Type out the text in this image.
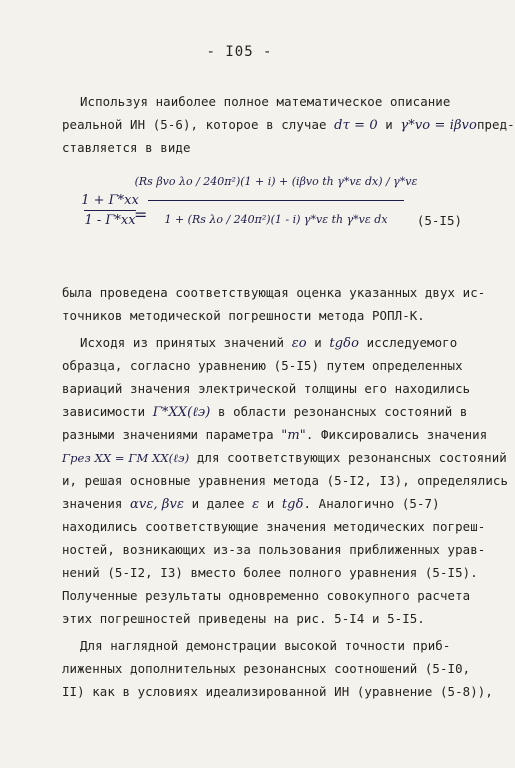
- I05 -
Используя наиболее полное математическое описание
реальной ИН (5-6), которое в случае dτ = 0 и γ*vo = iβvoпред-
ставляется в виде
1 + Γ*xx
1 - Γ*xx
=
(Rs βvo λo / 240π²)(1 + i) + (iβvo th γ*vε dx) / γ*vε
1 + (Rs λo / 240π²)(1 - i) γ*vε th γ*vε dx (5-I5)
была проведена соответствующая оценка указанных двух ис-
точников методической погрешности метода РОПЛ-К.
Исходя из принятых значений εo и tgδo исследуемого
образца, согласно уравнению (5-I5) путем определенных
вариаций значения электрической толщины его находились
зависимости Γ*XX(ℓэ) в области резонансных состояний в
разными значениями параметра "m". Фиксировались значения
Γрез XX = ΓM XX(ℓэ) для соответствующих резонансных состояний
и, решая основные уравнения метода (5-I2, I3), определялись
значения αvε, βvε и далее ε и tgδ. Аналогично (5-7)
находились соответствующие значения методических погреш-
ностей, возникающих из-за пользования приближенных урав-
нений (5-I2, I3) вместо более полного уравнения (5-I5).
Полученные результаты одновременно совокупного расчета
этих погрешностей приведены на рис. 5-I4 и 5-I5.
Для наглядной демонстрации высокой точности приб-
лиженных дополнительных резонансных соотношений (5-I0,
II) как в условиях идеализированной ИН (уравнение (5-8)),
